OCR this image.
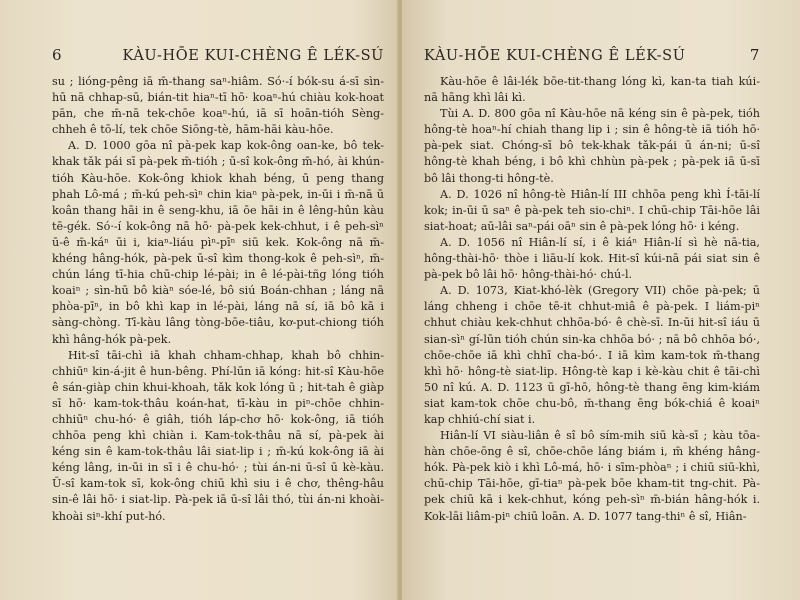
6	KÀU-HŌE KUI-CHÈNG Ê LÉK-SÚ

su ; lióng-pêng iā m̄-thang saⁿ-hiâm. Só·-í bók-su á-sī sìn-hū nā chhap-sū, bián-tit hiaⁿ-tī hō· koaⁿ-hú chiàu kok-hoat pān, che m̄-nā tek-chōe koaⁿ-hú, iā sī hoān-tióh Sèng-chheh ê tō-lí, tek chōe Siōng-tè, hām-hāi kàu-hōe.

A. D. 1000 gōa nî pà-pek kap kok-ông oan-ke, bô tek-khak tǎk pái sī pà-pek m̄-tióh ; ū-sî kok-ông m̄-hó, ài khún-tióh Kàu-hōe. Kok-ông khiok khah béng, ū peng thang phah Lô-má ; m̄-kú peh-sìⁿ chin kiaⁿ pà-pek, in-ūi i m̄-nā ū koân thang hāi in ê seng-khu, iā ōe hāi in ê lêng-hûn kàu tē-gék. Só·-í kok-ông nā hō· pà-pek kek-chhut, i ê peh-sìⁿ ū-ê m̄-káⁿ ūi i, kiaⁿ-liáu pìⁿ-pīⁿ siū kek. Kok-ông nā m̄-khéng hâng-hók, pà-pek ū-sî kìm thong-kok ê peh-sìⁿ, m̄-chún láng tī-hia chū-chip lé-pài; in ê lé-pài-tñg lóng tióh koaiⁿ ; sìn-hū bô kiàⁿ sóe-lé, bô siú Boán-chhan ; láng nā phòa-pīⁿ, in bô khì kap in lé-pài, láng nā sí, iā bô kā i sàng-chòng. Tī-kàu lâng tòng-bōe-tiâu, kơ-put-chiong tióh khì hâng-hók pà-pek.

Hit-sî tāi-chì iā khah chham-chhap, khah bô chhin-chhiūⁿ kin-á-jit ê hun-bêng. Phí-lūn iā kóng: hit-sî Kàu-hōe ê sán-giàp chin khui-khoah, tǎk kok lóng ū ; hit-tah ê giàp sī hō· kam-tok-thâu koán-hat, tī-kàu in piⁿ-chōe chhin-chhiūⁿ chu-hó· ê giâh, tióh láp-chơ hō· kok-ông, iā tióh chhōa peng khì chiàn i. Kam-tok-thâu nā sí, pà-pek ài kéng sin ê kam-tok-thâu lâi siat-lip i ; m̄-kú kok-ông iā ài kéng lâng, in-ūi in sī i ê chu-hó· ; tùi án-ni ū-sî ū kè-kàu. Ū-sî kam-tok sī, kok-ông chiū khì siu i ê chơ, thêng-hâu sin-ê lâi hō· i siat-lip. Pà-pek iā ū-sî lâi thó, tùi án-ni khoài-khoài siⁿ-khí put-hó.

KÀU-HŌE KUI-CHÈNG Ê LÉK-SÚ	7

Kàu-hōe ê lâi-lék bōe-tit-thang lóng kì, kan-ta tiah kúi-nā hāng khì lâi kì.

Tùi A. D. 800 gōa nî Kàu-hōe nā kéng sin ê pà-pek, tióh hông-tè hoaⁿ-hí chiah thang lip i ; sin ê hông-tè iā tióh hō· pà-pek siat. Chóng-sī bô tek-khak tǎk-pái ū án-ni; ū-sî hông-tè khah béng, i bô khì chhùn pà-pek ; pà-pek iā ū-sī bô lâi thong-ti hông-tè.

A. D. 1026 nî hông-tè Hiân-lí III chhōa peng khì Í-tāi-lí kok; in-ūi ū saⁿ ê pà-pek teh sio-chiⁿ. I chū-chip Tāi-hōe lâi siat-hoat; aū-lâi saⁿ-pái oāⁿ sin ê pà-pek lóng hō· i kéng.

A. D. 1056 nî Hiân-lí sí, i ê kiáⁿ Hiân-lí sì hè nā-tia, hông-thài-hō· thòe i liāu-lí kok. Hit-sî kúi-nā pái siat sin ê pà-pek bô lâi hō· hông-thài-hó· chú-l.

A. D. 1073, Kiat-khó-lèk (Gregory VII) chōe pà-pek; ū láng chheng i chōe tē-it chhut-miâ ê pà-pek. I liám-piⁿ chhut chiàu kek-chhut chhōa-bó· ê chè-sī. In-ūi hit-sî iáu ū sian-sìⁿ gí-lūn tióh chún sin-ka chhōa bó· ; nā bô chhōa bó·, chōe-chōe iā khì chhī cha-bó·. I iā kìm kam-tok m̄-thang khì hō· hông-tè siat-lip. Hông-tè kap i kè-kàu chit ê tāi-chì 50 nî kú. A. D. 1123 ū gī-hō, hông-tè thang ēng kim-kiám siat kam-tok chōe chu-bô, m̄-thang ēng bók-chiá ê koaiⁿ kap chhiú-chí siat i.

Hiân-lí VI siàu-liân ê sî bô sím-mih siū kà-sī ; kàu tōa-hàn chōe-ōng ê sî, chōe-chōe láng biám i, m̄ khéng hâng-hók. Pà-pek kiò i khì Lô-má, hō· i sīm-phòaⁿ ; i chiū siū-khì, chū-chip Tāi-hōe, gī-tiaⁿ pà-pek bōe kham-tit tng-chit. Pà-pek chiū kā i kek-chhut, kóng peh-sìⁿ m̄-bián hâng-hók i. Kok-lāi liâm-piⁿ chiū loān. A. D. 1077 tang-thiⁿ ê sî, Hiân-
